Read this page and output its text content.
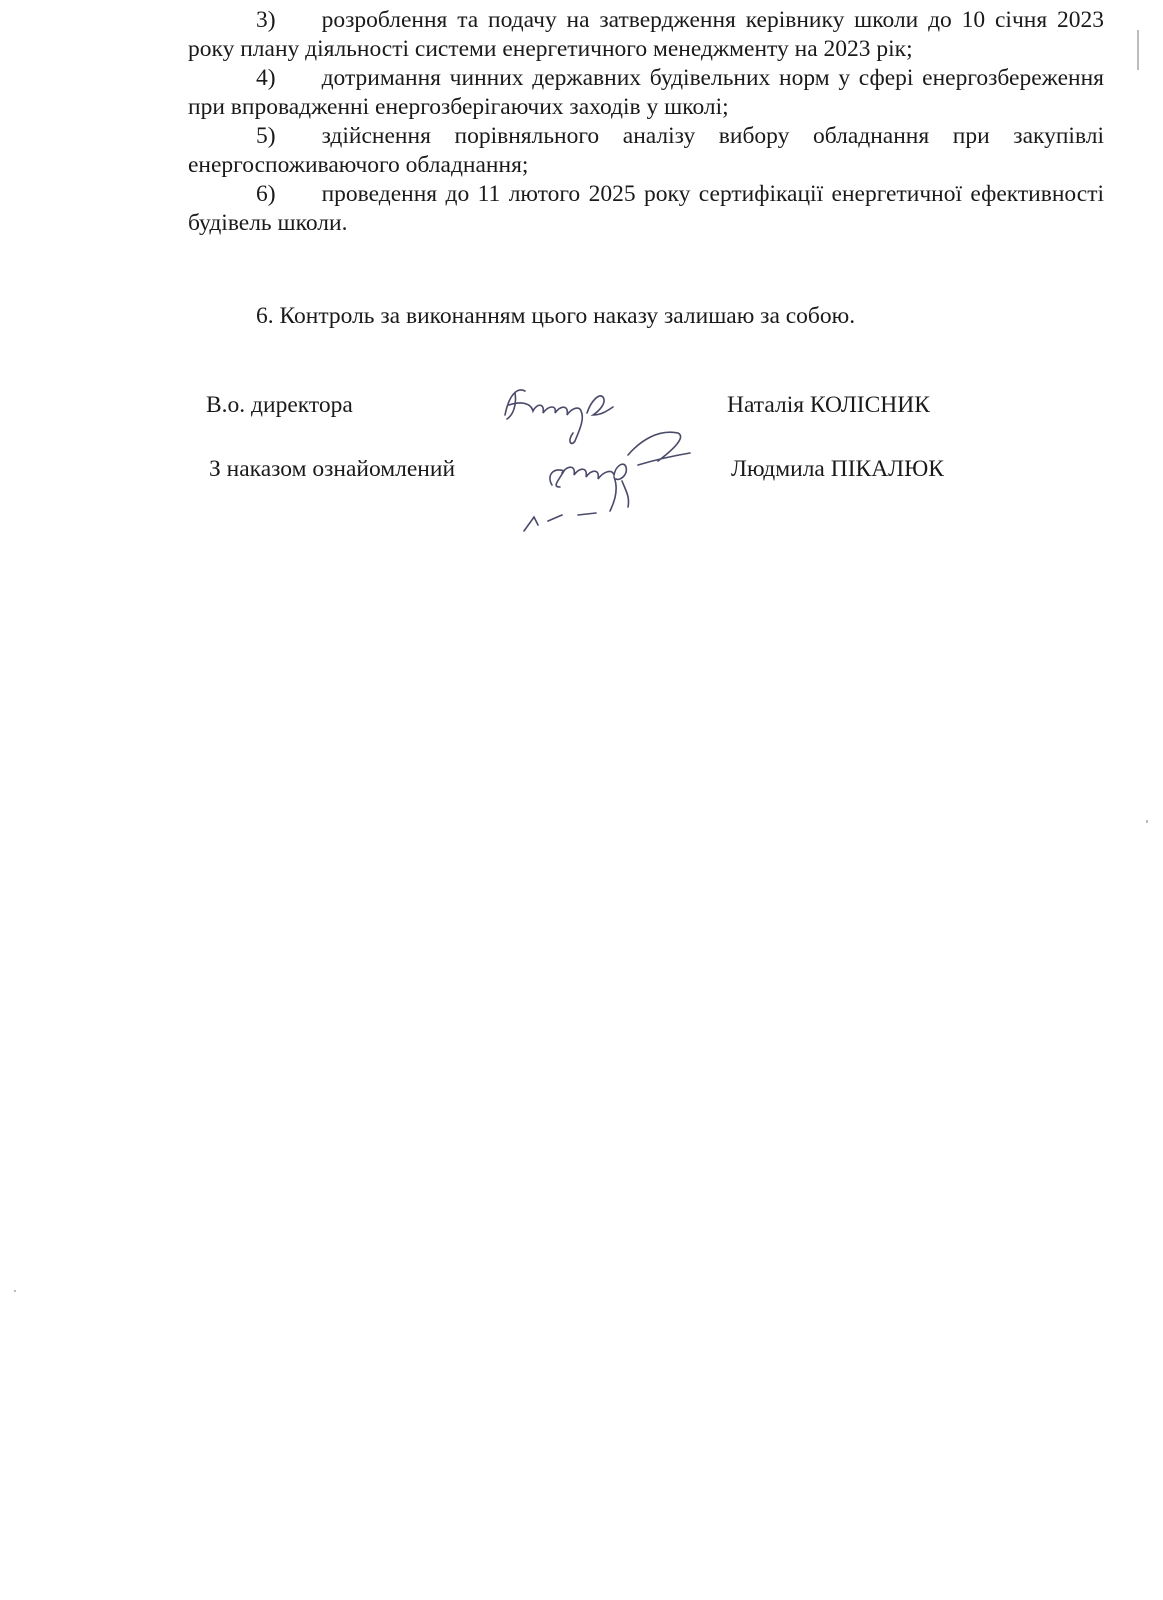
3) розроблення та подачу на затвердження керівнику школи до 10 січня 2023 року плану діяльності системи енергетичного менеджменту на 2023 рік;

4) дотримання чинних державних будівельних норм у сфері енергозбереження при впровадженні енергозберігаючих заходів у школі;

5) здійснення порівняльного аналізу вибору обладнання при закупівлі енергоспоживаючого обладнання;

6) проведення до 11 лютого 2025 року сертифікації енергетичної ефективності будівель школи.

6. Контроль за виконанням цього наказу залишаю за собою.
В.о. директора	Наталія КОЛІСНИК
З наказом ознайомлений	Людмила ПІКАЛЮК
